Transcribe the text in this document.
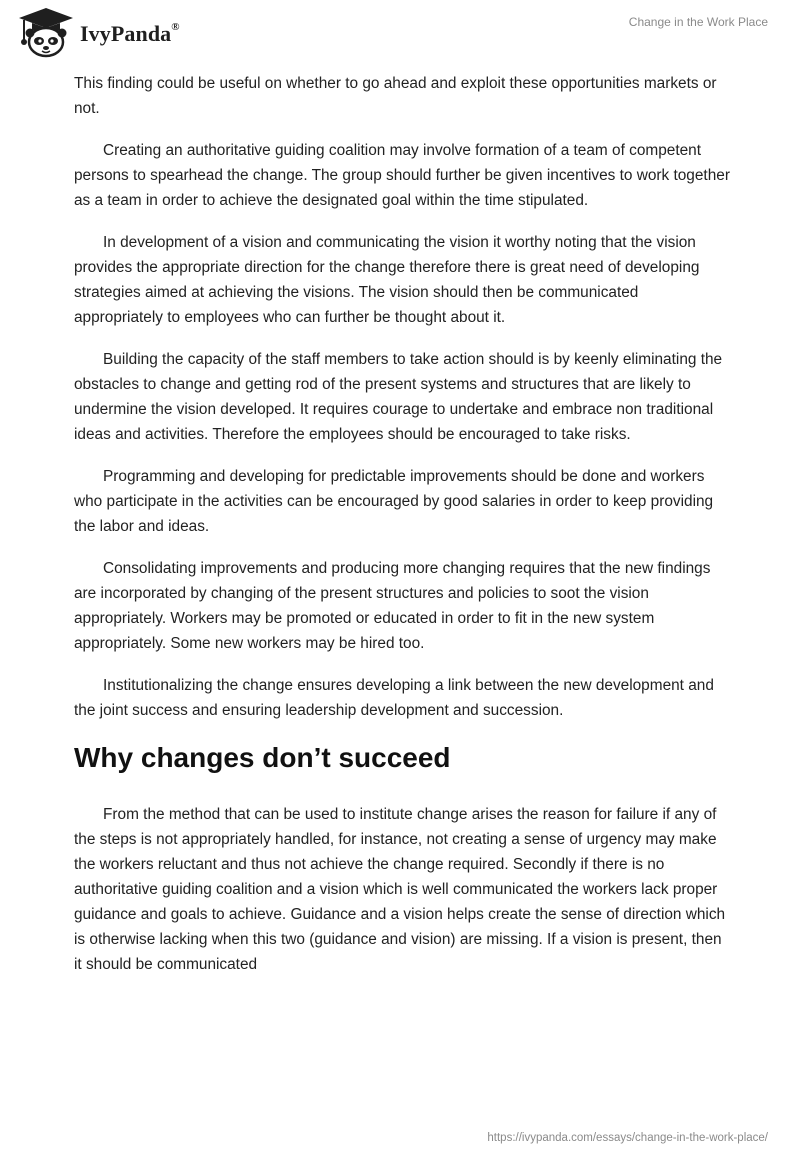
IvyPanda®	Change in the Work Place

This finding could be useful on whether to go ahead and exploit these opportunities markets or not.

Creating an authoritative guiding coalition may involve formation of a team of competent persons to spearhead the change. The group should further be given incentives to work together as a team in order to achieve the designated goal within the time stipulated.

In development of a vision and communicating the vision it worthy noting that the vision provides the appropriate direction for the change therefore there is great need of developing strategies aimed at achieving the visions. The vision should then be communicated appropriately to employees who can further be thought about it.

Building the capacity of the staff members to take action should is by keenly eliminating the obstacles to change and getting rod of the present systems and structures that are likely to undermine the vision developed. It requires courage to undertake and embrace non traditional ideas and activities. Therefore the employees should be encouraged to take risks.

Programming and developing for predictable improvements should be done and workers who participate in the activities can be encouraged by good salaries in order to keep providing the labor and ideas.

Consolidating improvements and producing more changing requires that the new findings are incorporated by changing of the present structures and policies to soot the vision appropriately. Workers may be promoted or educated in order to fit in the new system appropriately. Some new workers may be hired too.

Institutionalizing the change ensures developing a link between the new development and the joint success and ensuring leadership development and succession.

Why changes don’t succeed

From the method that can be used to institute change arises the reason for failure if any of the steps is not appropriately handled, for instance, not creating a sense of urgency may make the workers reluctant and thus not achieve the change required. Secondly if there is no authoritative guiding coalition and a vision which is well communicated the workers lack proper guidance and goals to achieve. Guidance and a vision helps create the sense of direction which is otherwise lacking when this two (guidance and vision) are missing. If a vision is present, then it should be communicated

https://ivypanda.com/essays/change-in-the-work-place/
